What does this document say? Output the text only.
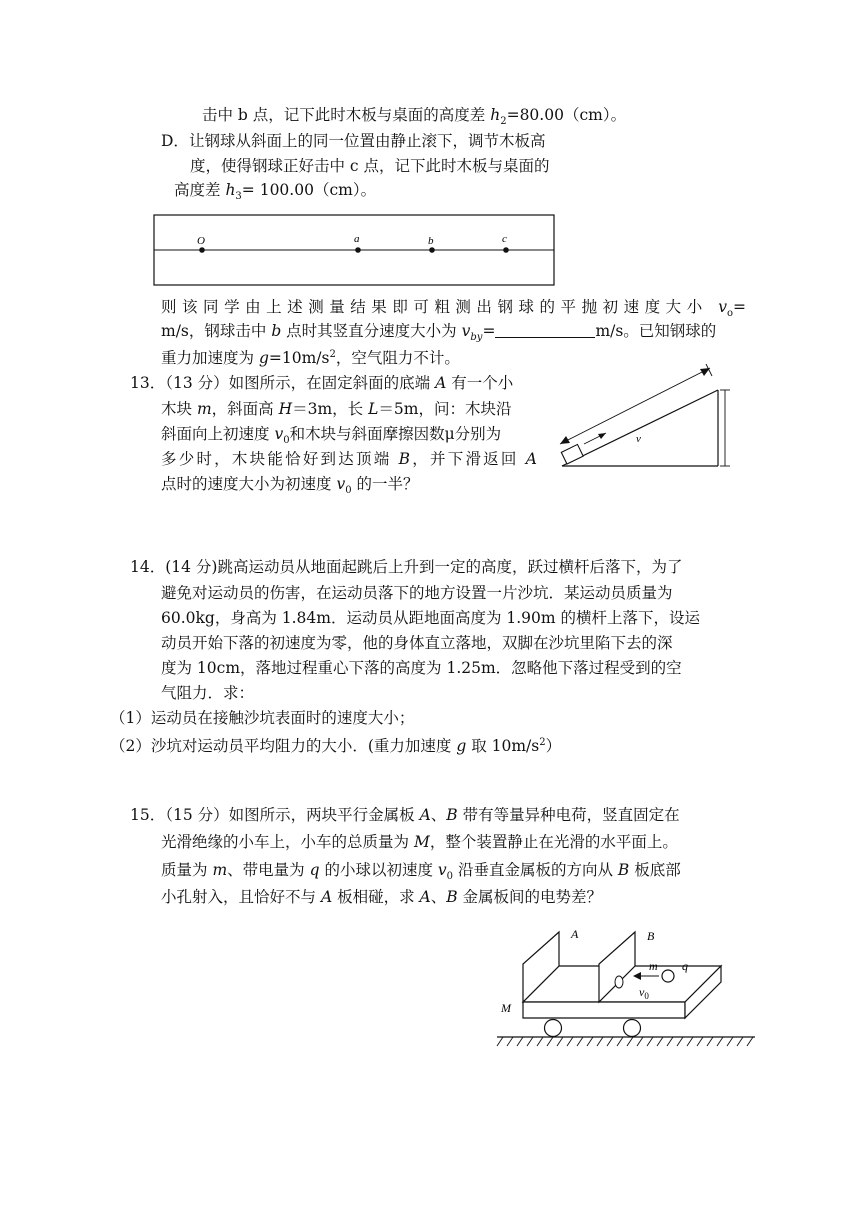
击中 b 点，记下此时木板与桌面的高度差 $h_2=80.00(cm)$。
D．让钢球从斜面上的同一位置由静止滚下，调节木板高
度，使得钢球正好击中 c 点，记下此时木板与桌面的
高度差 $h_3= 100.00(cm)$。
O	a	b	c
则该同学由上述测量结果即可粗测出钢球的平抛初速度大小 $v_o=$
m/s，钢球击中 b 点时其竖直分速度大小为 $v_{by}=$	m/s。已知钢球的
重力加速度为 $g=10m/s^2$，空气阻力不计。
13．（13 分）如图所示，在固定斜面的底端 A 有一个小
木块 m，斜面高 H＝3m，长 L＝5m，问：木块沿
斜面向上初速度 $v_0$和木块与斜面摩擦因数μ分别为
多少时，木块能恰好到达顶端 B，并下滑返回 A
点时的速度大小为初速度 $v_0$ 的一半？
v
14．(14 分)跳高运动员从地面起跳后上升到一定的高度，跃过横杆后落下，为了
避免对运动员的伤害，在运动员落下的地方设置一片沙坑．某运动员质量为
60.0kg，身高为 1.84m．运动员从距地面高度为 1.90m 的横杆上落下，设运
动员开始下落的初速度为零，他的身体直立落地，双脚在沙坑里陷下去的深
度为 10cm，落地过程重心下落的高度为 1.25m．忽略他下落过程受到的空
气阻力．求：
（1）运动员在接触沙坑表面时的速度大小；
（2）沙坑对运动员平均阻力的大小．(重力加速度 g 取 $10m/s^2$）
15．（15 分）如图所示，两块平行金属板 A、B 带有等量异种电荷，竖直固定在
光滑绝缘的小车上，小车的总质量为 M，整个装置静止在光滑的水平面上。
质量为 m、带电量为 q 的小球以初速度 $v_0$ 沿垂直金属板的方向从 B 板底部
小孔射入，且恰好不与 A 板相碰，求 A、B 金属板间的电势差？
A	B
m q
$v_0$
M
